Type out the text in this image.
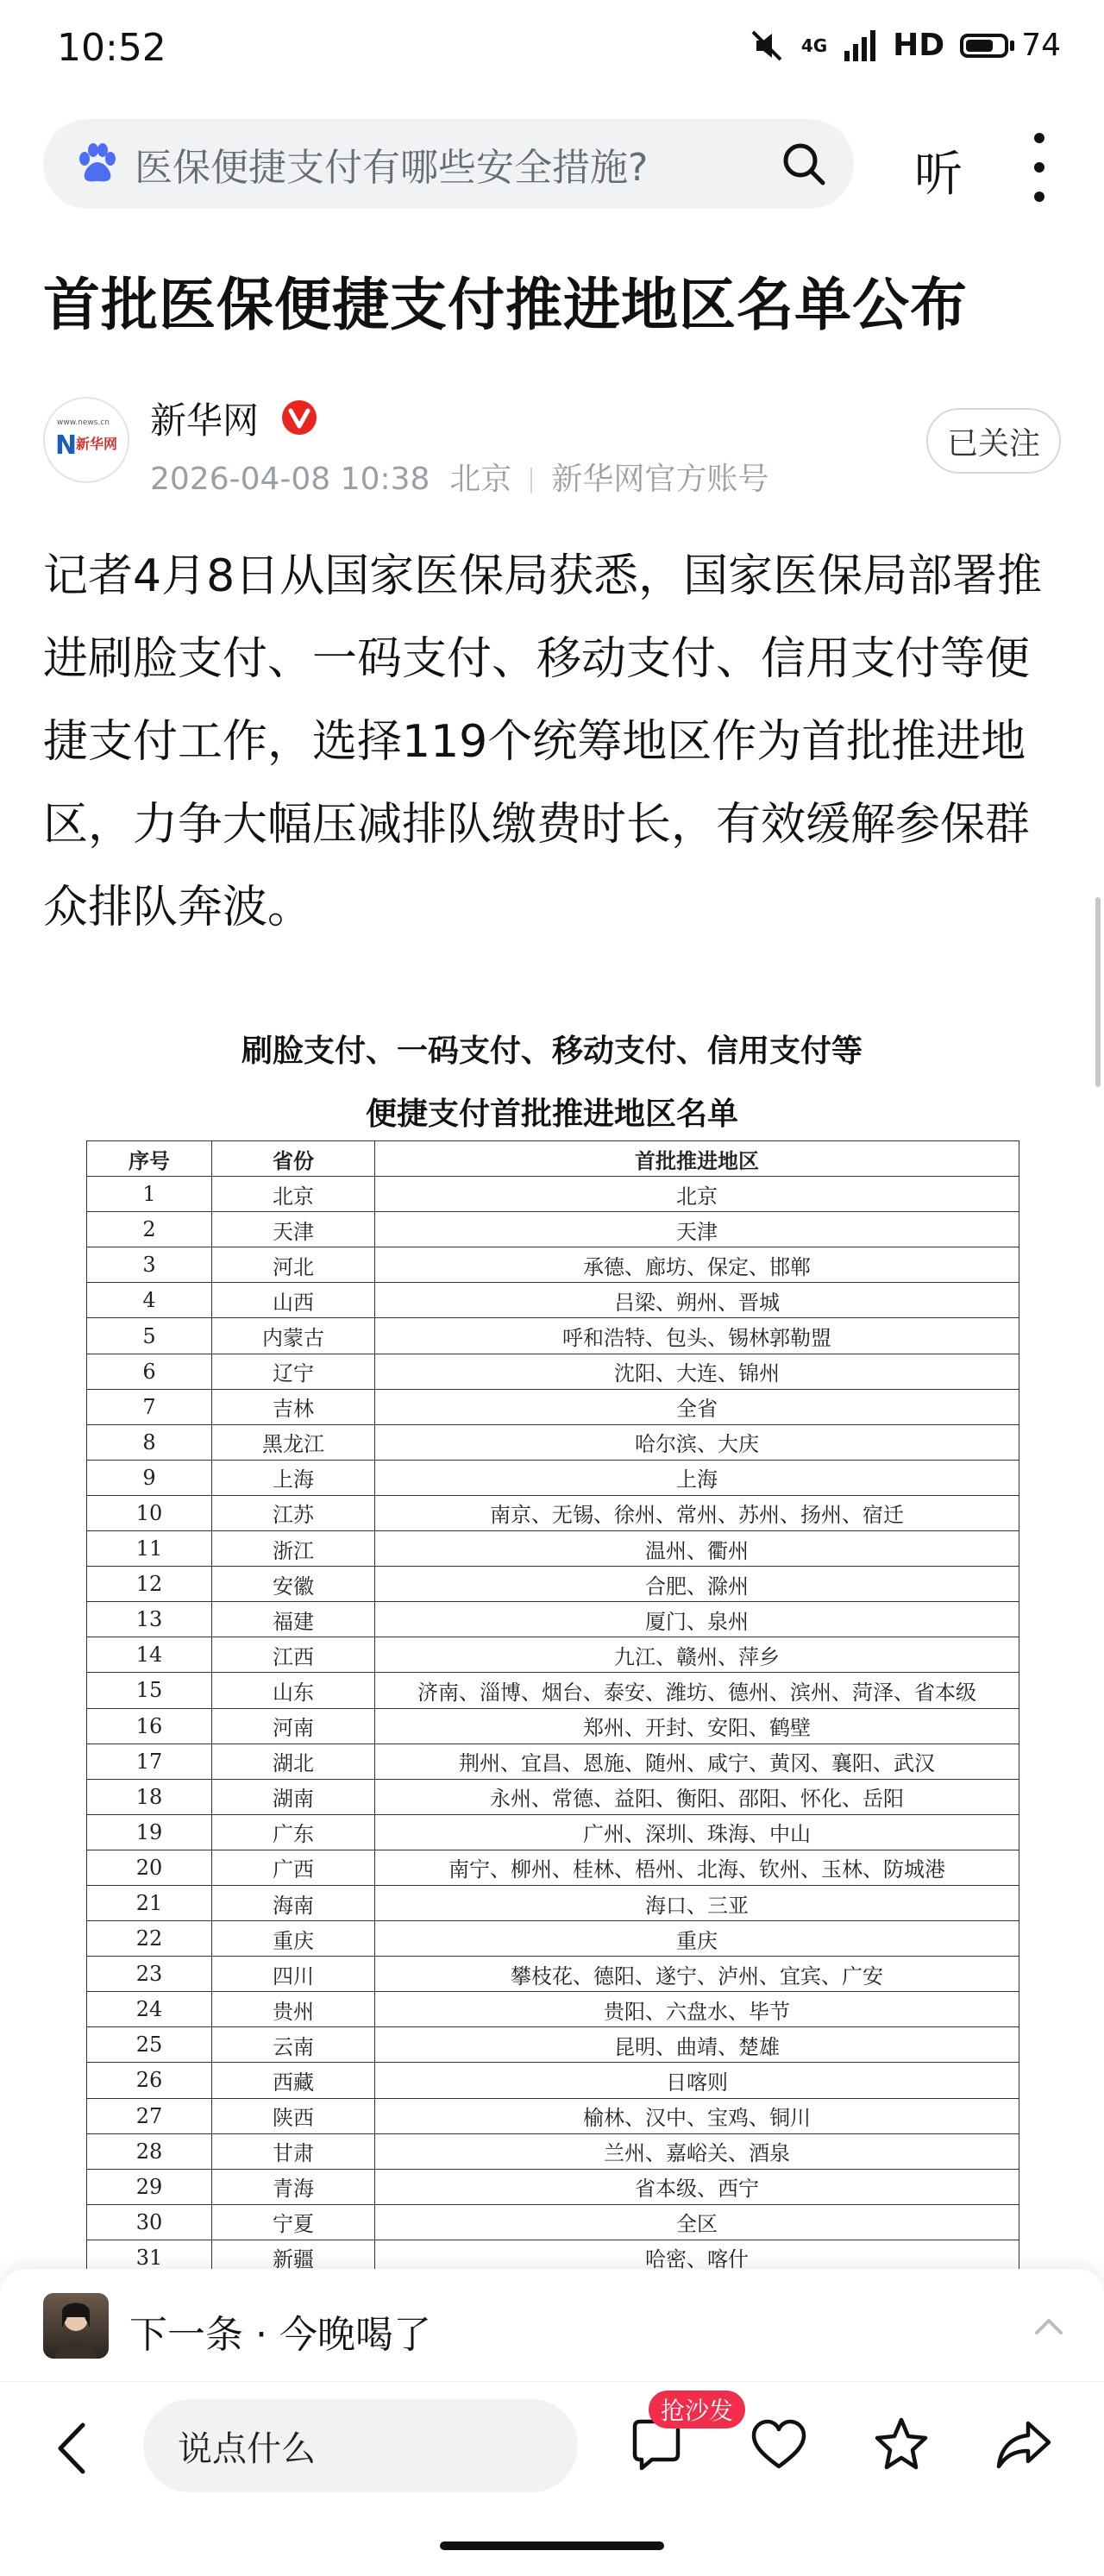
10:52	4G HD 74
医保便捷支付有哪些安全措施?	听
首批医保便捷支付推进地区名单公布
www.news.cn
N
新华网
新华网
2026-04-08 10:38 北京 新华网官方账号
已关注
记者4月8日从国家医保局获悉，国家医保局部署推进刷脸支付、一码支付、移动支付、信用支付等便捷支付工作，选择119个统筹地区作为首批推进地区，力争大幅压减排队缴费时长，有效缓解参保群众排队奔波。
刷脸支付、一码支付、移动支付、信用支付等
便捷支付首批推进地区名单
序号	省份	首批推进地区
1	北京	北京
2	天津	天津
3	河北	承德、廊坊、保定、邯郸
4	山西	吕梁、朔州、晋城
5	内蒙古	呼和浩特、包头、锡林郭勒盟
6	辽宁	沈阳、大连、锦州
7	吉林	全省
8	黑龙江	哈尔滨、大庆
9	上海	上海
10	江苏	南京、无锡、徐州、常州、苏州、扬州、宿迁
11	浙江	温州、衢州
12	安徽	合肥、滁州
13	福建	厦门、泉州
14	江西	九江、赣州、萍乡
15	山东	济南、淄博、烟台、泰安、潍坊、德州、滨州、菏泽、省本级
16	河南	郑州、开封、安阳、鹤壁
17	湖北	荆州、宜昌、恩施、随州、咸宁、黄冈、襄阳、武汉
18	湖南	永州、常德、益阳、衡阳、邵阳、怀化、岳阳
19	广东	广州、深圳、珠海、中山
20	广西	南宁、柳州、桂林、梧州、北海、钦州、玉林、防城港
21	海南	海口、三亚
22	重庆	重庆
23	四川	攀枝花、德阳、遂宁、泸州、宜宾、广安
24	贵州	贵阳、六盘水、毕节
25	云南	昆明、曲靖、楚雄
26	西藏	日喀则
27	陕西	榆林、汉中、宝鸡、铜川
28	甘肃	兰州、嘉峪关、酒泉
29	青海	省本级、西宁
30	宁夏	全区
31	新疆	哈密、喀什
下一条 · 今晚喝了
说点什么
抢沙发
